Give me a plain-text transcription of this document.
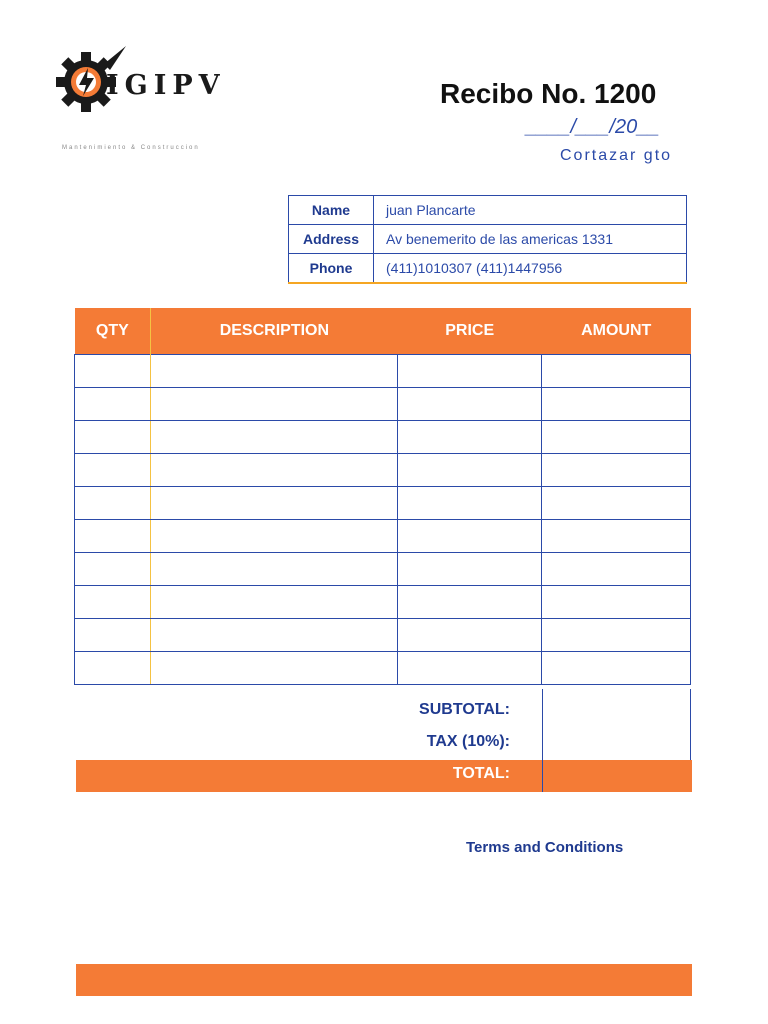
IGIPV
Mantenimiento & Construccion
Recibo No. 1200
____/___/20__
Cortazar gto
Name	juan Plancarte
Address	Av benemerito de las americas 1331
Phone	(411)1010307 (411)1447956
QTY	DESCRIPTION	PRICE	AMOUNT

SUBTOTAL:
TAX (10%):
TOTAL:
Terms and Conditions
